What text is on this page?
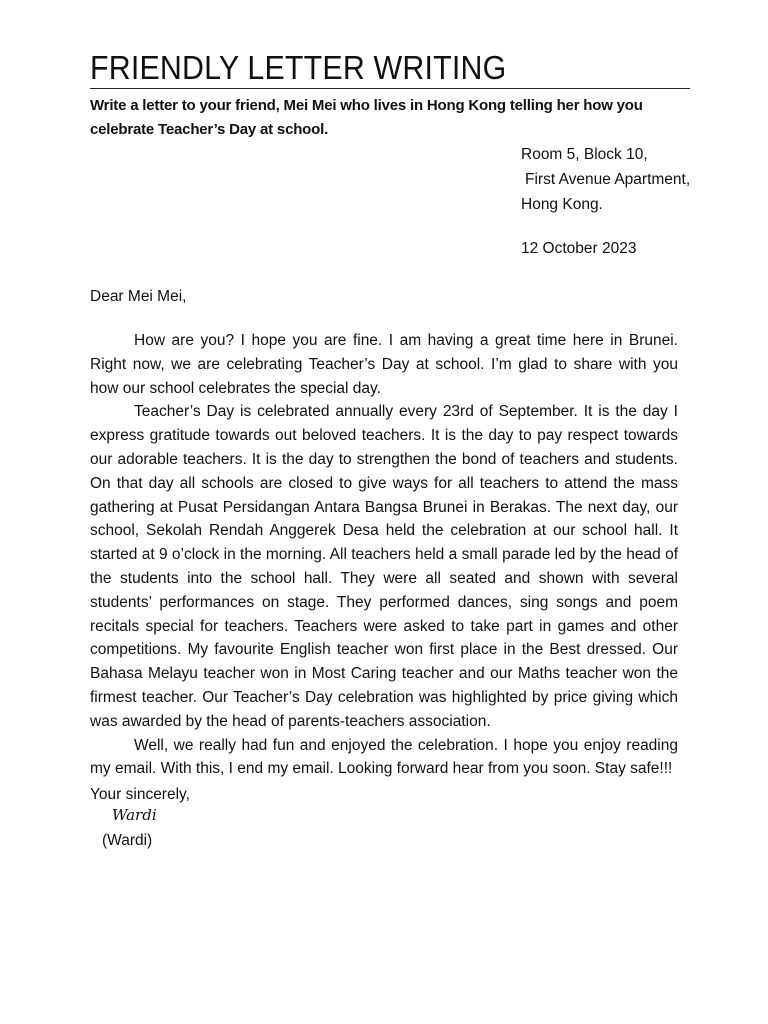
FRIENDLY LETTER WRITING
Write a letter to your friend, Mei Mei who lives in Hong Kong telling her how you celebrate Teacher’s Day at school.
Room 5, Block 10,
First Avenue Apartment,
Hong Kong.
12 October 2023
Dear Mei Mei,

How are you? I hope you are fine. I am having a great time here in Brunei. Right now, we are celebrating Teacher’s Day at school. I’m glad to share with you how our school celebrates the special day.

Teacher’s Day is celebrated annually every 23rd of September. It is the day I express gratitude towards out beloved teachers. It is the day to pay respect towards our adorable teachers. It is the day to strengthen the bond of teachers and students. On that day all schools are closed to give ways for all teachers to attend the mass gathering at Pusat Persidangan Antara Bangsa Brunei in Berakas. The next day, our school, Sekolah Rendah Anggerek Desa held the celebration at our school hall. It started at 9 o’clock in the morning. All teachers held a small parade led by the head of the students into the school hall. They were all seated and shown with several students’ performances on stage. They performed dances, sing songs and poem recitals special for teachers. Teachers were asked to take part in games and other competitions. My favourite English teacher won first place in the Best dressed. Our Bahasa Melayu teacher won in Most Caring teacher and our Maths teacher won the firmest teacher. Our Teacher’s Day celebration was highlighted by price giving which was awarded by the head of parents-teachers association.

Well, we really had fun and enjoyed the celebration. I hope you enjoy reading my email. With this, I end my email. Looking forward hear from you soon. Stay safe!!!

Your sincerely,
Wardi
(Wardi)
